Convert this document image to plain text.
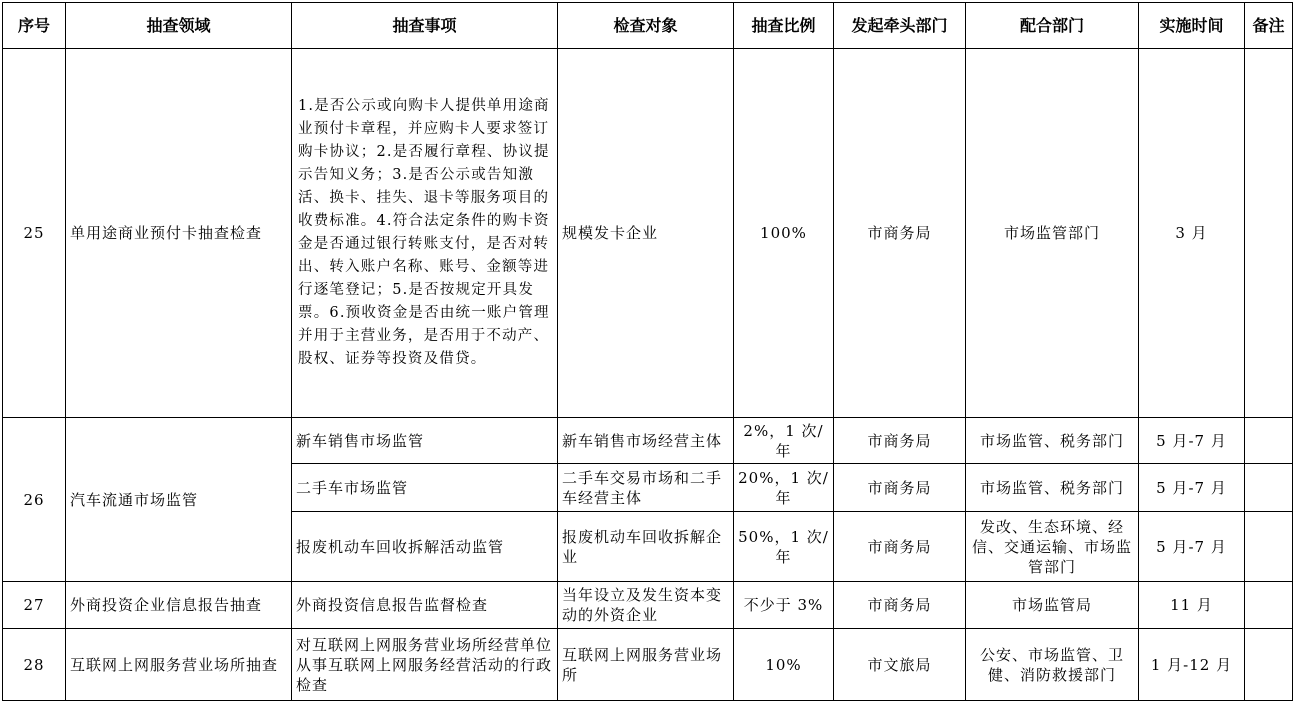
序号	抽查领域	抽查事项	检查对象	抽查比例	发起牵头部门	配合部门	实施时间	备注
25	单用途商业预付卡抽查检查	1.是否公示或向购卡人提供单用途商业预付卡章程，并应购卡人要求签订购卡协议；2.是否履行章程、协议提示告知义务；3.是否公示或告知激活、换卡、挂失、退卡等服务项目的收费标准。4.符合法定条件的购卡资金是否通过银行转账支付，是否对转出、转入账户名称、账号、金额等进行逐笔登记；5.是否按规定开具发票。6.预收资金是否由统一账户管理并用于主营业务，是否用于不动产、股权、证券等投资及借贷。	规模发卡企业	100%	市商务局	市场监管部门	3 月	
26	汽车流通市场监管	新车销售市场监管	新车销售市场经营主体	2%，1 次/年	市商务局	市场监管、税务部门	5 月-7 月	
		二手车市场监管	二手车交易市场和二手车经营主体	20%，1 次/年	市商务局	市场监管、税务部门	5 月-7 月	
		报废机动车回收拆解活动监管	报废机动车回收拆解企业	50%，1 次/年	市商务局	发改、生态环境、经信、交通运输、市场监管部门	5 月-7 月	
27	外商投资企业信息报告抽查	外商投资信息报告监督检查	当年设立及发生资本变动的外资企业	不少于 3%	市商务局	市场监管局	11 月	
28	互联网上网服务营业场所抽查	对互联网上网服务营业场所经营单位从事互联网上网服务经营活动的行政检查	互联网上网服务营业场所	10%	市文旅局	公安、市场监管、卫健、消防救援部门	1 月-12 月	
